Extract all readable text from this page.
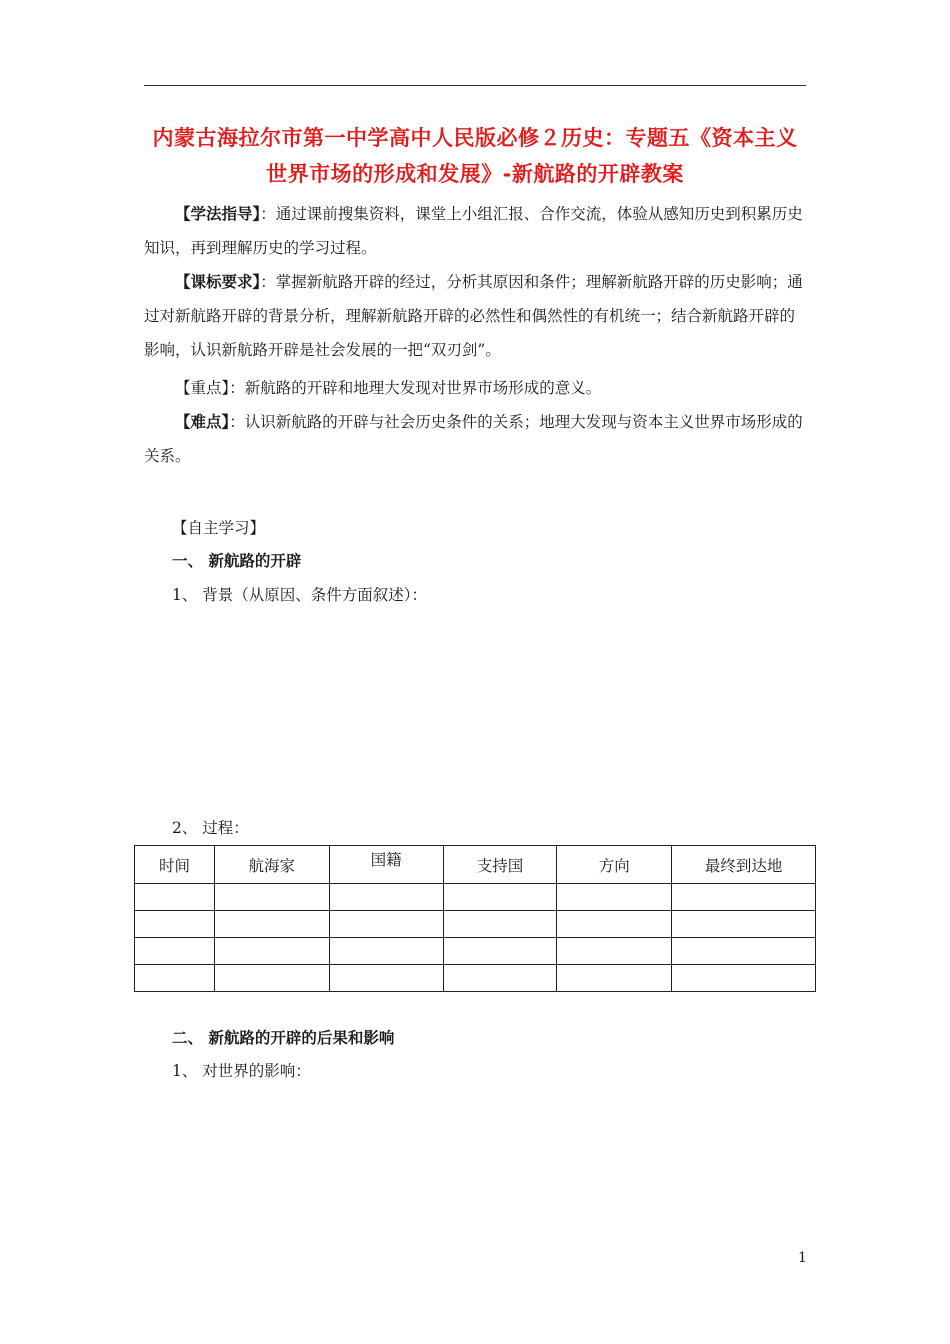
内蒙古海拉尔市第一中学高中人民版必修２历史：专题五《资本主义
世界市场的形成和发展》-新航路的开辟教案
【学法指导】：通过课前搜集资料，课堂上小组汇报、合作交流，体验从感知历史到积累历史知识，再到理解历史的学习过程。
【课标要求】：掌握新航路开辟的经过，分析其原因和条件；理解新航路开辟的历史影响；通过对新航路开辟的背景分析，理解新航路开辟的必然性和偶然性的有机统一；结合新航路开辟的影响，认识新航路开辟是社会发展的一把“双刃剑”。
【重点】：新航路的开辟和地理大发现对世界市场形成的意义。
【难点】：认识新航路的开辟与社会历史条件的关系；地理大发现与资本主义世界市场形成的关系。
【自主学习】
一、 新航路的开辟
1、 背景（从原因、条件方面叙述）：
2、 过程：
时间	航海家	国籍	支持国	方向	最终到达地

二、 新航路的开辟的后果和影响
1、 对世界的影响：
1
